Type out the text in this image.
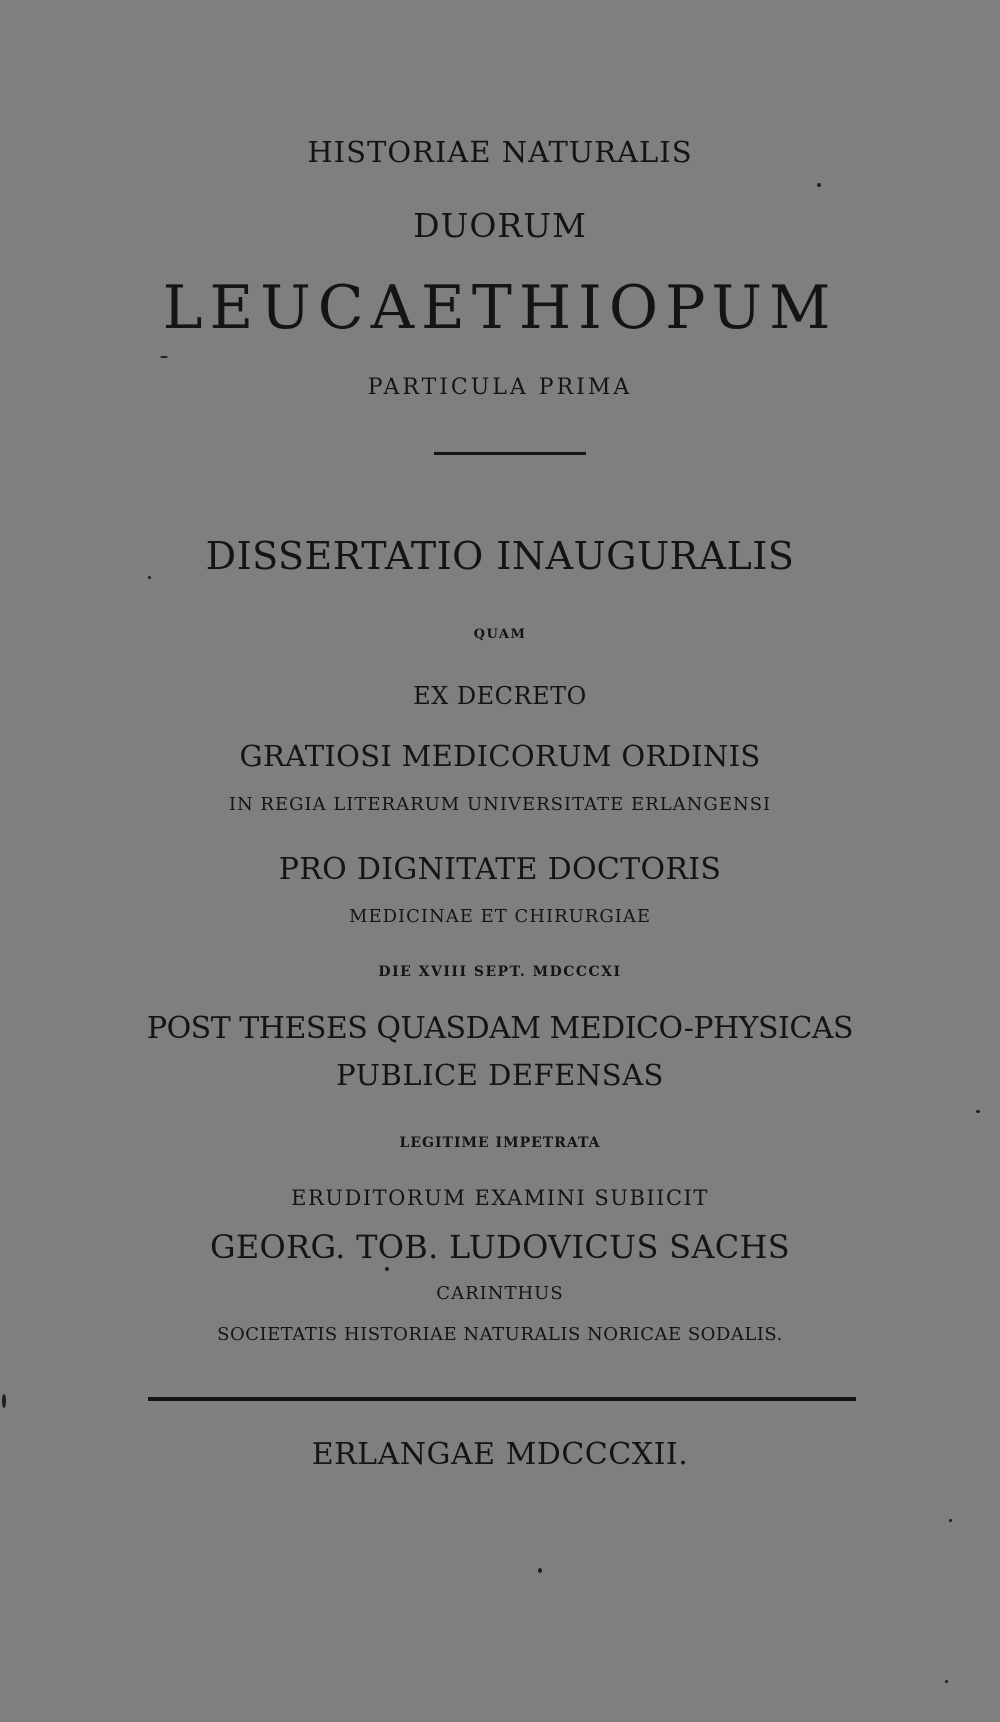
HISTORIAE NATURALIS
DUORUM
LEUCAETHIOPUM
PARTICULA PRIMA
DISSERTATIO INAUGURALIS
QUAM
EX DECRETO
GRATIOSI MEDICORUM ORDINIS
IN REGIA LITERARUM UNIVERSITATE ERLANGENSI
PRO DIGNITATE DOCTORIS
MEDICINAE ET CHIRURGIAE
DIE XVIII SEPT. MDCCCXI
POST THESES QUASDAM MEDICO-PHYSICAS
PUBLICE DEFENSAS
LEGITIME IMPETRATA
ERUDITORUM EXAMINI SUBIICIT
GEORG. TOB. LUDOVICUS SACHS
CARINTHUS
SOCIETATIS HISTORIAE NATURALIS NORICAE SODALIS.
ERLANGAE MDCCCXII.
